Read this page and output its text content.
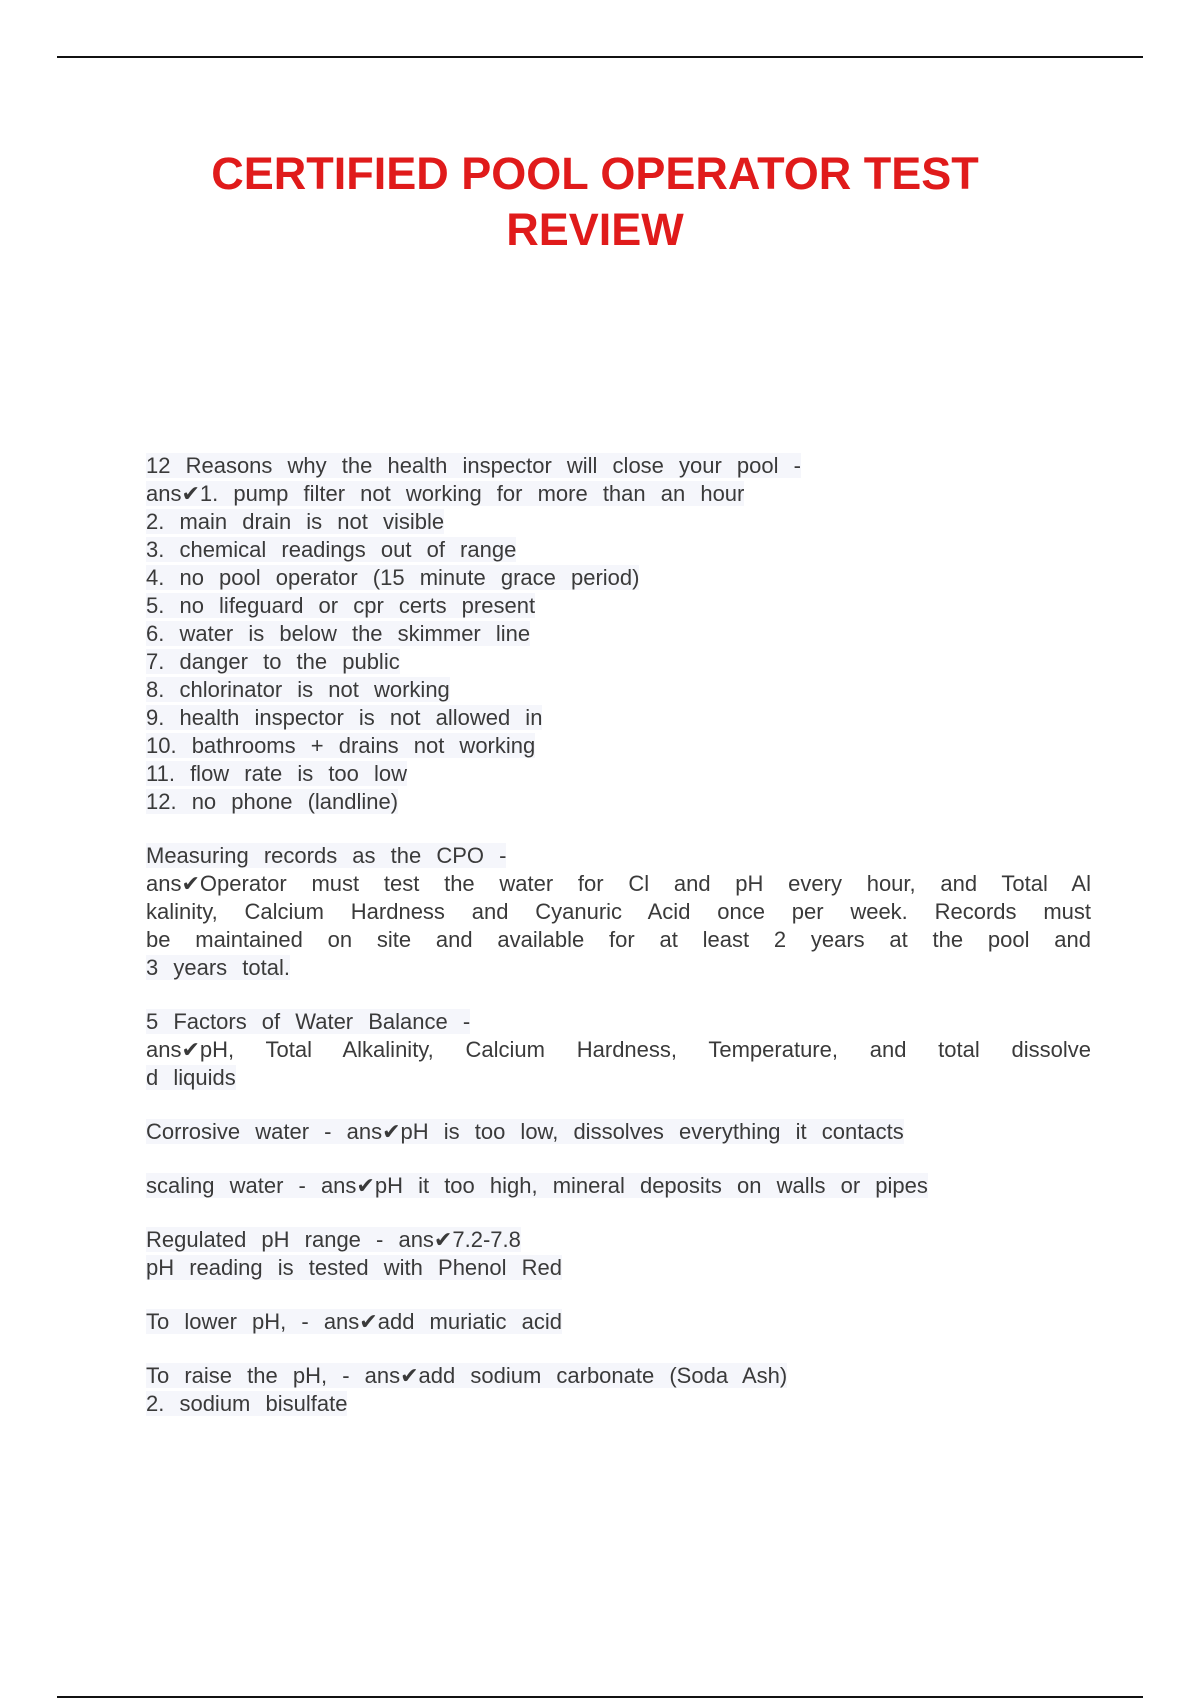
CERTIFIED POOL OPERATOR TEST
REVIEW
12 Reasons why the health inspector will close your pool -
ans✔1. pump filter not working for more than an hour
2. main drain is not visible
3. chemical readings out of range
4. no pool operator (15 minute grace period)
5. no lifeguard or cpr certs present
6. water is below the skimmer line
7. danger to the public
8. chlorinator is not working
9. health inspector is not allowed in
10. bathrooms + drains not working
11. flow rate is too low
12. no phone (landline)
Measuring records as the CPO -
ans✔Operator must test the water for Cl and pH every hour, and Total Al
kalinity, Calcium Hardness and Cyanuric Acid once per week. Records must
be maintained on site and available for at least 2 years at the pool and
3 years total.
5 Factors of Water Balance -
ans✔pH, Total Alkalinity, Calcium Hardness, Temperature, and total dissolve
d liquids
Corrosive water - ans✔pH is too low, dissolves everything it contacts
scaling water - ans✔pH it too high, mineral deposits on walls or pipes
Regulated pH range - ans✔7.2-7.8
pH reading is tested with Phenol Red
To lower pH, - ans✔add muriatic acid
To raise the pH, - ans✔add sodium carbonate (Soda Ash)
2. sodium bisulfate
